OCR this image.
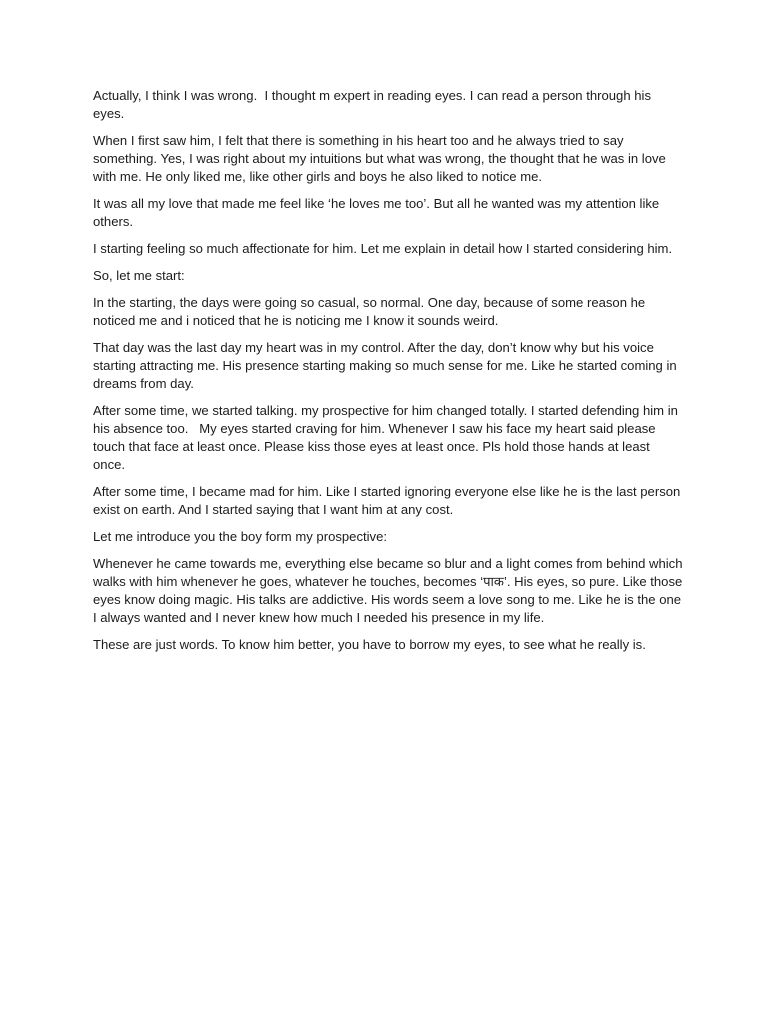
Actually, I think I was wrong.  I thought m expert in reading eyes. I can read a person through his eyes.

When I first saw him, I felt that there is something in his heart too and he always tried to say something. Yes, I was right about my intuitions but what was wrong, the thought that he was in love with me. He only liked me, like other girls and boys he also liked to notice me.

It was all my love that made me feel like ‘he loves me too’. But all he wanted was my attention like others.

I starting feeling so much affectionate for him. Let me explain in detail how I started considering him.

So, let me start:

In the starting, the days were going so casual, so normal. One day, because of some reason he noticed me and i noticed that he is noticing me I know it sounds weird.

That day was the last day my heart was in my control. After the day, don’t know why but his voice starting attracting me. His presence starting making so much sense for me. Like he started coming in dreams from day.

After some time, we started talking. my prospective for him changed totally. I started defending him in his absence too.   My eyes started craving for him. Whenever I saw his face my heart said please touch that face at least once. Please kiss those eyes at least once. Pls hold those hands at least once.

After some time, I became mad for him. Like I started ignoring everyone else like he is the last person exist on earth. And I started saying that I want him at any cost.

Let me introduce you the boy form my prospective:

Whenever he came towards me, everything else became so blur and a light comes from behind which walks with him whenever he goes, whatever he touches, becomes ‘पाक’. His eyes, so pure. Like those eyes know doing magic. His talks are addictive. His words seem a love song to me. Like he is the one I always wanted and I never knew how much I needed his presence in my life.

These are just words. To know him better, you have to borrow my eyes, to see what he really is.
